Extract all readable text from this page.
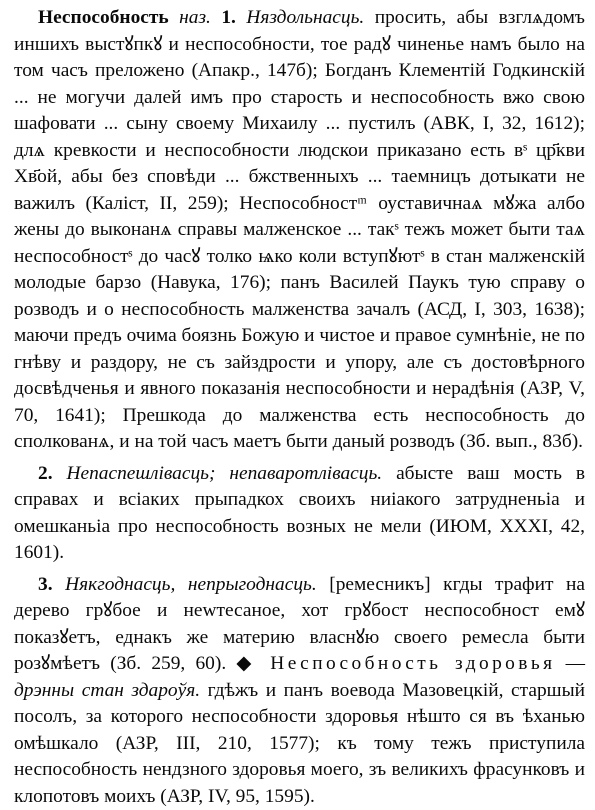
Неспособность наз. 1. Няздольнасць. просить, абы взглѧдомъ иншихъ выстꙋпкꙋ и неспособности, тое радꙋ чиненье намъ было на том часъ преложено (Апакр., 147б); Богданъ Клементій Годкинскій ... не могучи далей имъ про старость и неспособность вжо свою шафовати ... сыну своему Михаилу ... пустилъ (АВК, І, 32, 1612); длѧ кревкости и неспособности людскои приказано есть вˢ цр҃кви Хв҃ой, абы без сповѣди ... бжственныхъ ... таемницъ дотыкати не важилъ (Каліст, ІІ, 259); Неспособност ͫ оуставичнаѧ мꙋжа албо жены до выконанѧ справы малженское ... такˢ тежъ может быти таѧ неспособностˢ до часꙋ толко ѩко коли вступꙋютˢ в стан малженскій молодые барзо (Навука, 176); панъ Василей Паукъ тую справу о розводъ и о неспособность малженства зачалъ (АСД, І, 303, 1638); маючи предъ очима боязнь Божую и чистое и правое сумнѣніе, не по гнѣву и раздору, не съ зайздрости и упору, але съ достовѣрного досвѣдченья и явного показанія неспособности и нерадѣнія (АЗР, V, 70, 1641); Прешкода до малженства есть неспособность до сполкованѧ, и на той часъ маетъ быти даный розводъ (Зб. вып., 83б).

2. Непаспешлівасць; непаваротлівасць. абысте ваш мость в справах и всіаких прыпадкох своихъ ниіакого затрудненьіа и омешканьіа про неспособность возных не мели (ИЮМ, XXXI, 42, 1601).

3. Някгоднасць, непрыгоднасць. [ремесникъ] кгды трафит на дерево грꙋбое и неwтесаное, хот грꙋбост неспособност емꙋ показꙋетъ, еднакъ же материю власнꙋю своего ремесла быти розꙋмѣетъ (Зб. 259, 60). ◆ Неспособность здоровья — дрэнны стан здароўя. гдѣжъ и панъ воевода Мазовецкій, старшый посолъ, за которого неспособности здоровья нѣшто ся въ ѣханью омѣшкало (АЗР, ІІІ, 210, 1577); къ тому тежъ приступила неспособность нендзного здоровья моего, зъ великихъ фрасунковъ и клопотовъ моихъ (АЗР, IV, 95, 1595).
